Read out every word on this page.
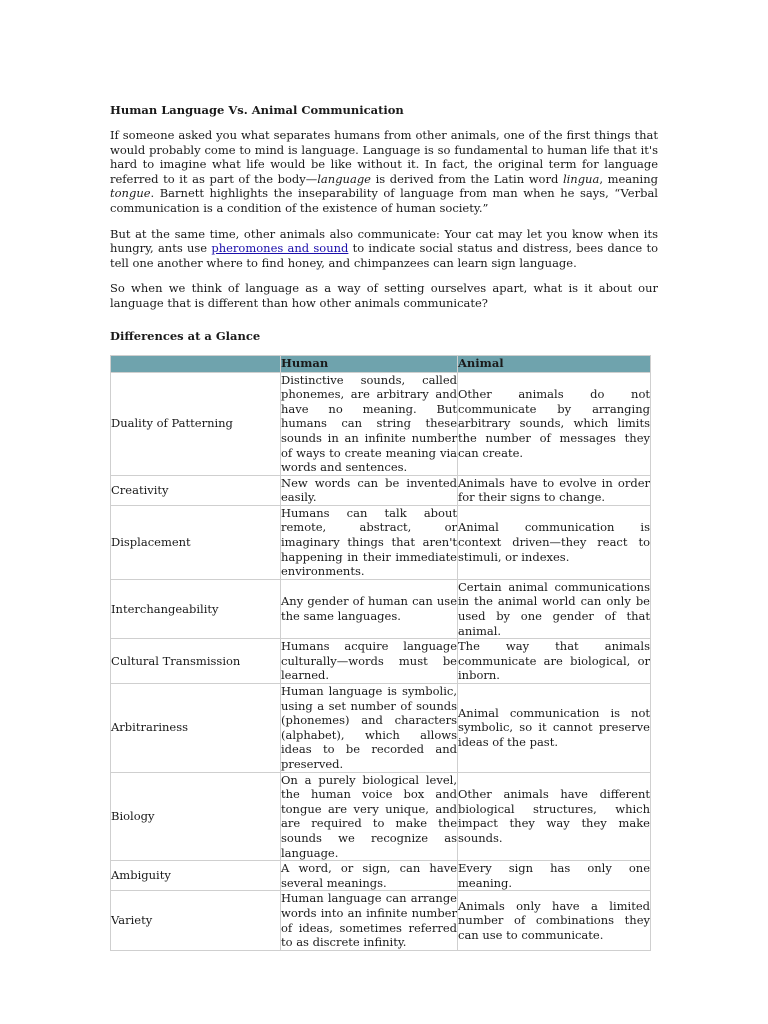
Human Language Vs. Animal Communication

If someone asked you what separates humans from other animals, one of the first things that would probably come to mind is language. Language is so fundamental to human life that it's hard to imagine what life would be like without it. In fact, the original term for language referred to it as part of the body—language is derived from the Latin word lingua, meaning tongue. Barnett highlights the inseparability of language from man when he says, “Verbal communication is a condition of the existence of human society.”

But at the same time, other animals also communicate: Your cat may let you know when its hungry, ants use pheromones and sound to indicate social status and distress, bees dance to tell one another where to find honey, and chimpanzees can learn sign language.

So when we think of language as a way of setting ourselves apart, what is it about our language that is different than how other animals communicate?

Differences at a Glance
	Human	Animal
Duality of Patterning	Distinctive sounds, called phonemes, are arbitrary and have no meaning. But humans can string these sounds in an infinite number of ways to create meaning via words and sentences.	Other animals do not communicate by arranging arbitrary sounds, which limits the number of messages they can create.
Creativity	New words can be invented easily.	Animals have to evolve in order for their signs to change.
Displacement	Humans can talk about remote, abstract, or imaginary things that aren't happening in their immediate environments.	Animal communication is context driven—they react to stimuli, or indexes.
Interchangeability	Any gender of human can use the same languages.	Certain animal communications in the animal world can only be used by one gender of that animal.
Cultural Transmission	Humans acquire language culturally—words must be learned.	The way that animals communicate are biological, or inborn.
Arbitrariness	Human language is symbolic, using a set number of sounds (phonemes) and characters (alphabet), which allows ideas to be recorded and preserved.	Animal communication is not symbolic, so it cannot preserve ideas of the past.
Biology	On a purely biological level, the human voice box and tongue are very unique, and are required to make the sounds we recognize as language.	Other animals have different biological structures, which impact they way they make sounds.
Ambiguity	A word, or sign, can have several meanings.	Every sign has only one meaning.
Variety	Human language can arrange words into an infinite number of ideas, sometimes referred to as discrete infinity.	Animals only have a limited number of combinations they can use to communicate.
